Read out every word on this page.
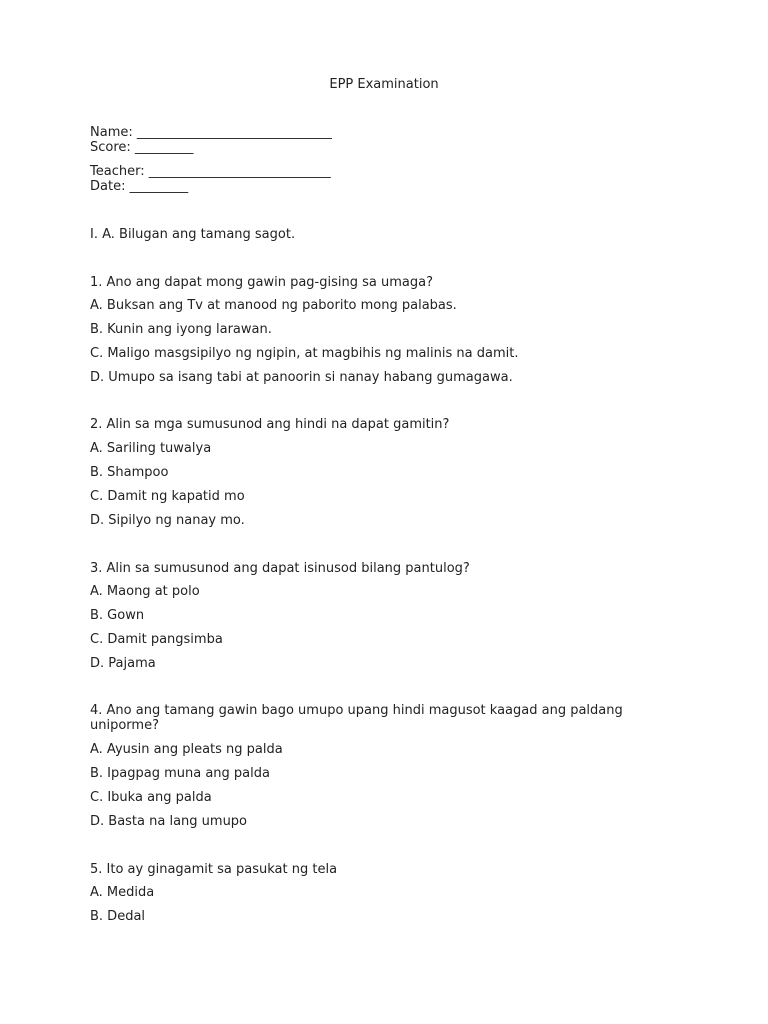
EPP Examination
Name: ______________________________
Score: _________
Teacher: ____________________________
Date: _________
I. A. Bilugan ang tamang sagot.
1. Ano ang dapat mong gawin pag-gising sa umaga?
A. Buksan ang Tv at manood ng paborito mong palabas.
B. Kunin ang iyong larawan.
C. Maligo masgsipilyo ng ngipin, at magbihis ng malinis na damit.
D. Umupo sa isang tabi at panoorin si nanay habang gumagawa.
2. Alin sa mga sumusunod ang hindi na dapat gamitin?
A. Sariling tuwalya
B. Shampoo
C. Damit ng kapatid mo
D. Sipilyo ng nanay mo.
3. Alin sa sumusunod ang dapat isinusod bilang pantulog?
A. Maong at polo
B. Gown
C. Damit pangsimba
D. Pajama
4. Ano ang tamang gawin bago umupo upang hindi magusot kaagad ang paldang
uniporme?
A. Ayusin ang pleats ng palda
B. Ipagpag muna ang palda
C. Ibuka ang palda
D. Basta na lang umupo
5. Ito ay ginagamit sa pasukat ng tela
A. Medida
B. Dedal
